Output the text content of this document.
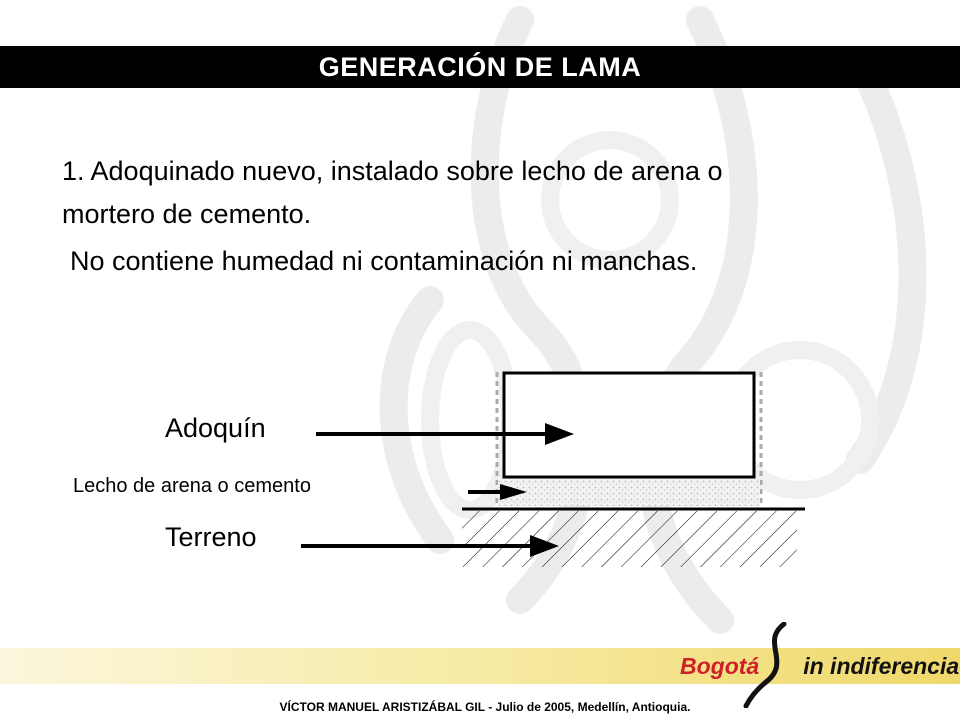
GENERACIÓN DE LAMA
1. Adoquinado nuevo, instalado sobre lecho de arena o
mortero de cemento.
No contiene humedad ni contaminación ni manchas.
Adoquín
Lecho de arena o cemento
Terreno
Bogotá in indiferencia
VÍCTOR MANUEL ARISTIZÁBAL GIL - Julio de 2005, Medellín, Antioquia.
